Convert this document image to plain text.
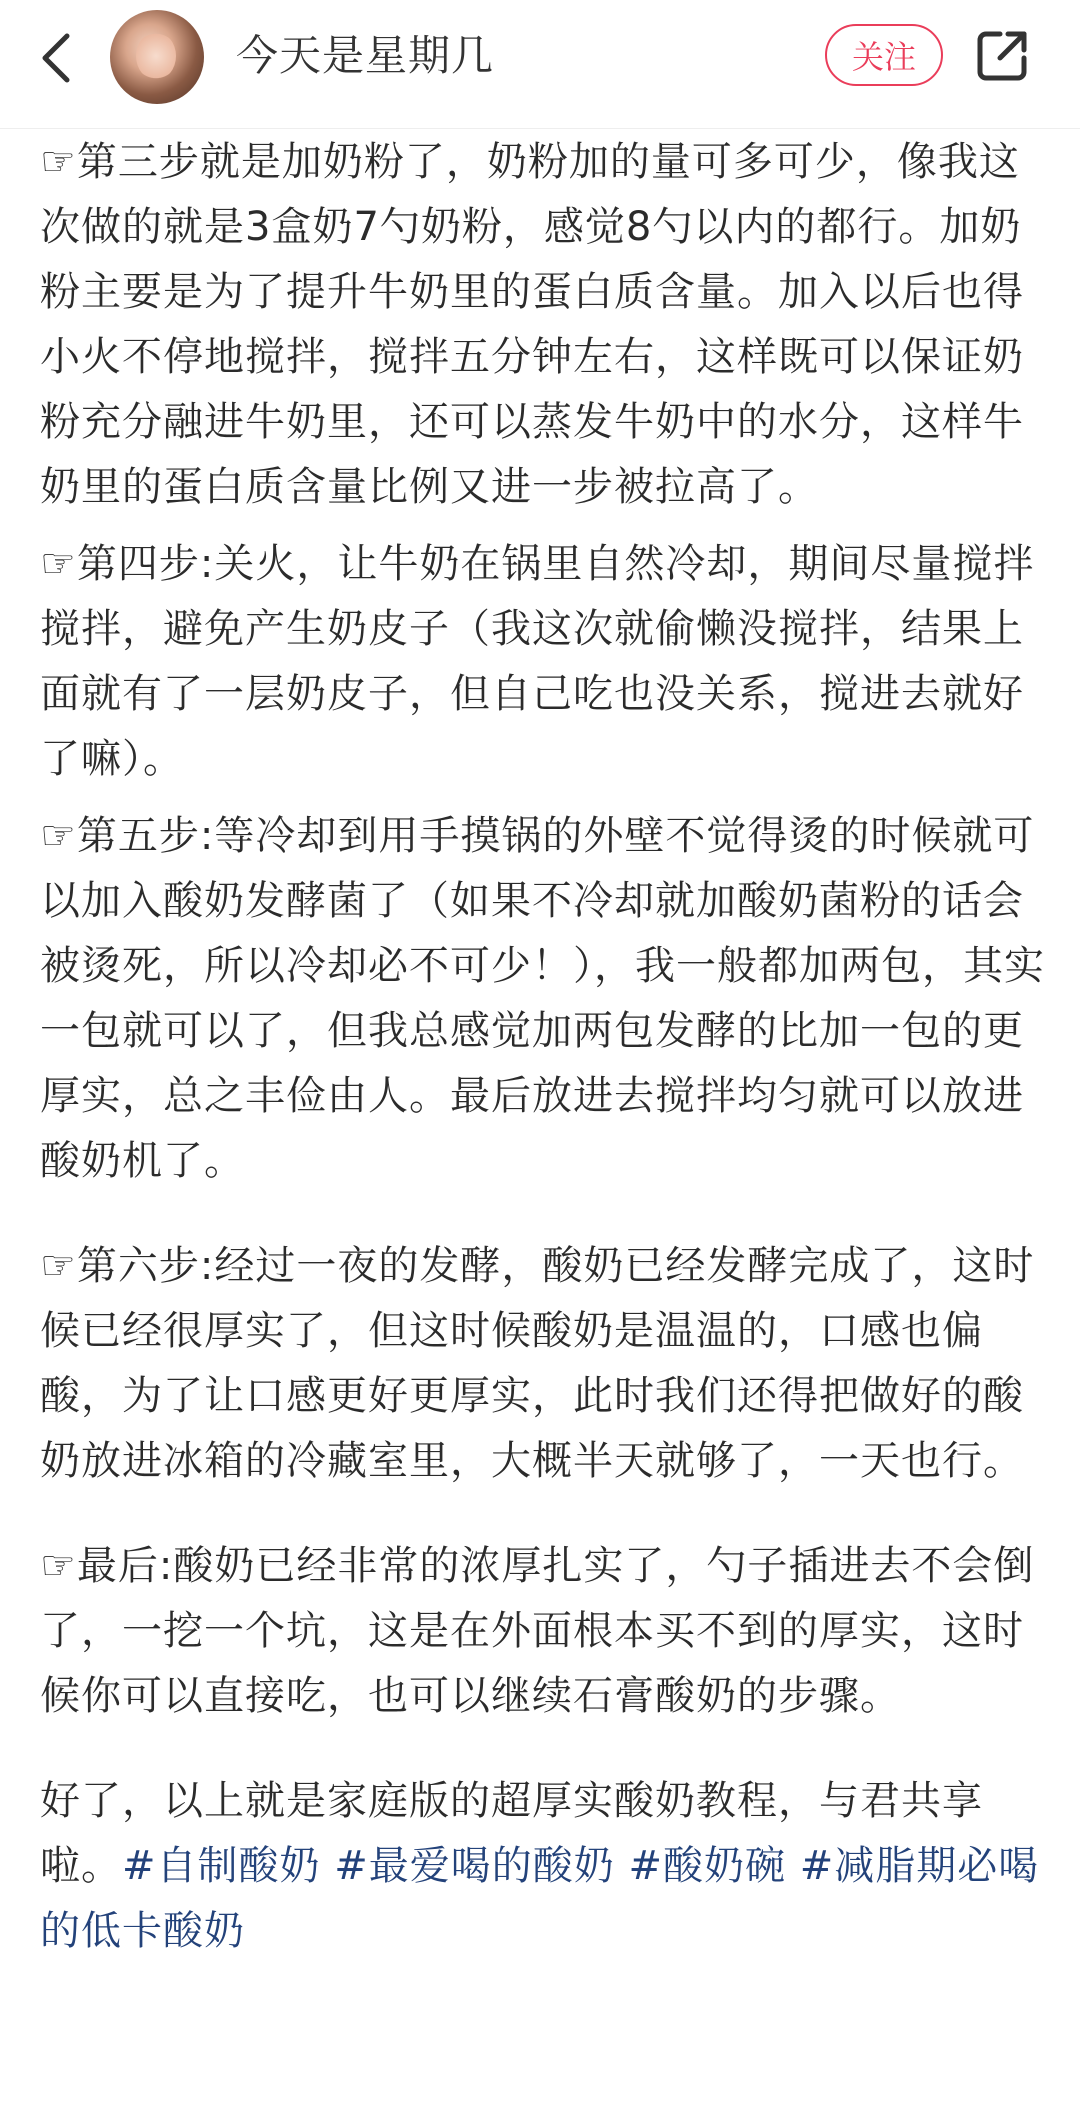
今天是星期几	关注

☞第三步就是加奶粉了，奶粉加的量可多可少，像我这次做的就是3盒奶7勺奶粉，感觉8勺以内的都行。加奶粉主要是为了提升牛奶里的蛋白质含量。加入以后也得小火不停地搅拌，搅拌五分钟左右，这样既可以保证奶粉充分融进牛奶里，还可以蒸发牛奶中的水分，这样牛奶里的蛋白质含量比例又进一步被拉高了。

☞第四步:关火，让牛奶在锅里自然冷却，期间尽量搅拌搅拌，避免产生奶皮子（我这次就偷懒没搅拌，结果上面就有了一层奶皮子，但自己吃也没关系，搅进去就好了嘛）。

☞第五步:等冷却到用手摸锅的外壁不觉得烫的时候就可以加入酸奶发酵菌了（如果不冷却就加酸奶菌粉的话会被烫死，所以冷却必不可少！），我一般都加两包，其实一包就可以了，但我总感觉加两包发酵的比加一包的更厚实，总之丰俭由人。最后放进去搅拌均匀就可以放进酸奶机了。

☞第六步:经过一夜的发酵，酸奶已经发酵完成了，这时候已经很厚实了，但这时候酸奶是温温的，口感也偏酸，为了让口感更好更厚实，此时我们还得把做好的酸奶放进冰箱的冷藏室里，大概半天就够了，一天也行。

☞最后:酸奶已经非常的浓厚扎实了，勺子插进去不会倒了，一挖一个坑，这是在外面根本买不到的厚实，这时候你可以直接吃，也可以继续石膏酸奶的步骤。

好了，以上就是家庭版的超厚实酸奶教程，与君共享啦。#自制酸奶 #最爱喝的酸奶 #酸奶碗 #减脂期必喝的低卡酸奶
